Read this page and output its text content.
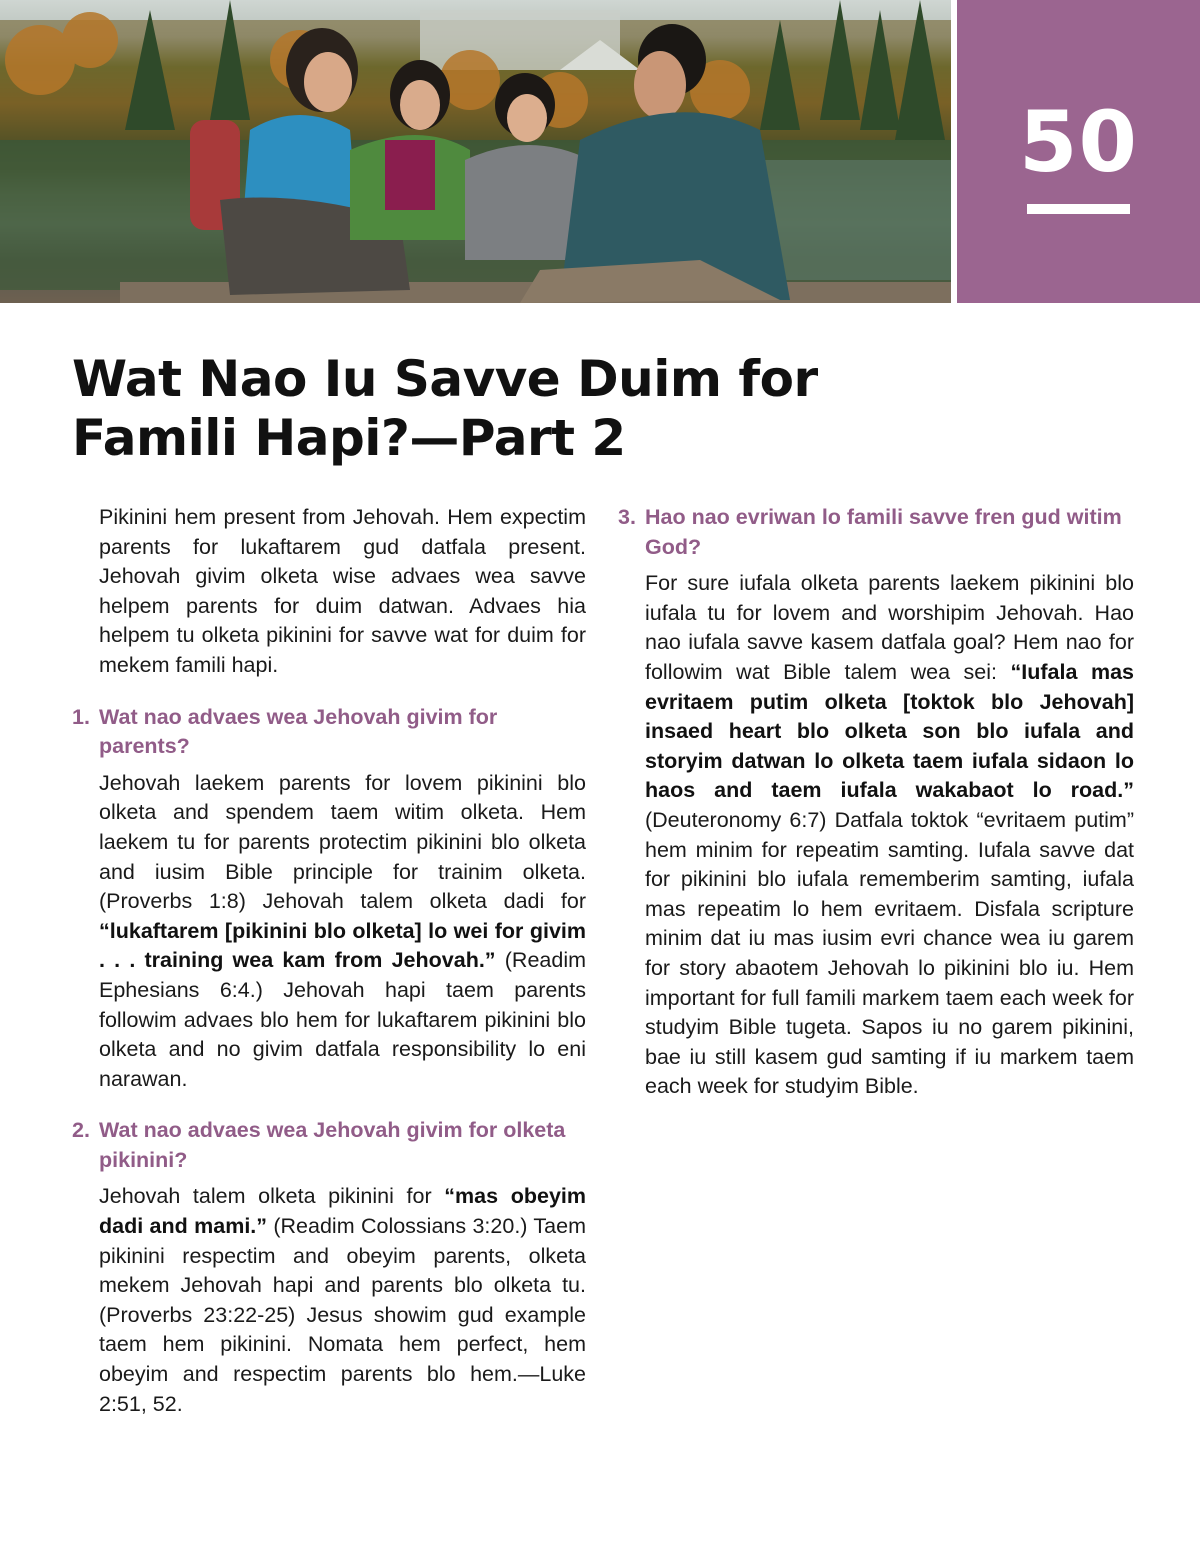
50
Wat Nao Iu Savve Duim for
Famili Hapi?—Part 2

Pikinini hem present from Jehovah. Hem expectim parents for lukaftarem gud datfala present. Jehovah givim olketa wise advaes wea savve helpem parents for duim datwan. Advaes hia helpem tu olketa pikinini for savve wat for duim for mekem famili hapi.

1. Wat nao advaes wea Jehovah givim for parents?

Jehovah laekem parents for lovem pikinini blo olketa and spendem taem witim olketa. Hem laekem tu for parents protectim pikinini blo olketa and iusim Bible principle for trainim olketa. (Proverbs 1:8) Jehovah talem olketa dadi for “lukaftarem [pikinini blo olketa] lo wei for givim . . . training wea kam from Jehovah.” (Readim Ephesians 6:4.) Jehovah hapi taem parents followim advaes blo hem for lukaftarem pikinini blo olketa and no givim datfala responsibility lo eni narawan.

2. Wat nao advaes wea Jehovah givim for olketa pikinini?

Jehovah talem olketa pikinini for “mas obeyim dadi and mami.” (Readim Colossians 3:20.) Taem pikinini respectim and obeyim parents, olketa mekem Jehovah hapi and parents blo olketa tu. (Proverbs 23:22-25) Jesus showim gud example taem hem pikinini. Nomata hem perfect, hem obeyim and respectim parents blo hem.—Luke 2:51, 52.

3. Hao nao evriwan lo famili savve fren gud witim God?

For sure iufala olketa parents laekem pikinini blo iufala tu for lovem and worshipim Jehovah. Hao nao iufala savve kasem datfala goal? Hem nao for followim wat Bible talem wea sei: “Iufala mas evritaem putim olketa [toktok blo Jehovah] insaed heart blo olketa son blo iufala and storyim datwan lo olketa taem iufala sidaon lo haos and taem iufala wakabaot lo road.” (Deuteronomy 6:7) Datfala toktok “evritaem putim” hem minim for repeatim samting. Iufala savve dat for pikinini blo iufala rememberim samting, iufala mas repeatim lo hem evritaem. Disfala scripture minim dat iu mas iusim evri chance wea iu garem for story abaotem Jehovah lo pikinini blo iu. Hem important for full famili markem taem each week for studyim Bible tugeta. Sapos iu no garem pikinini, bae iu still kasem gud samting if iu markem taem each week for studyim Bible.
